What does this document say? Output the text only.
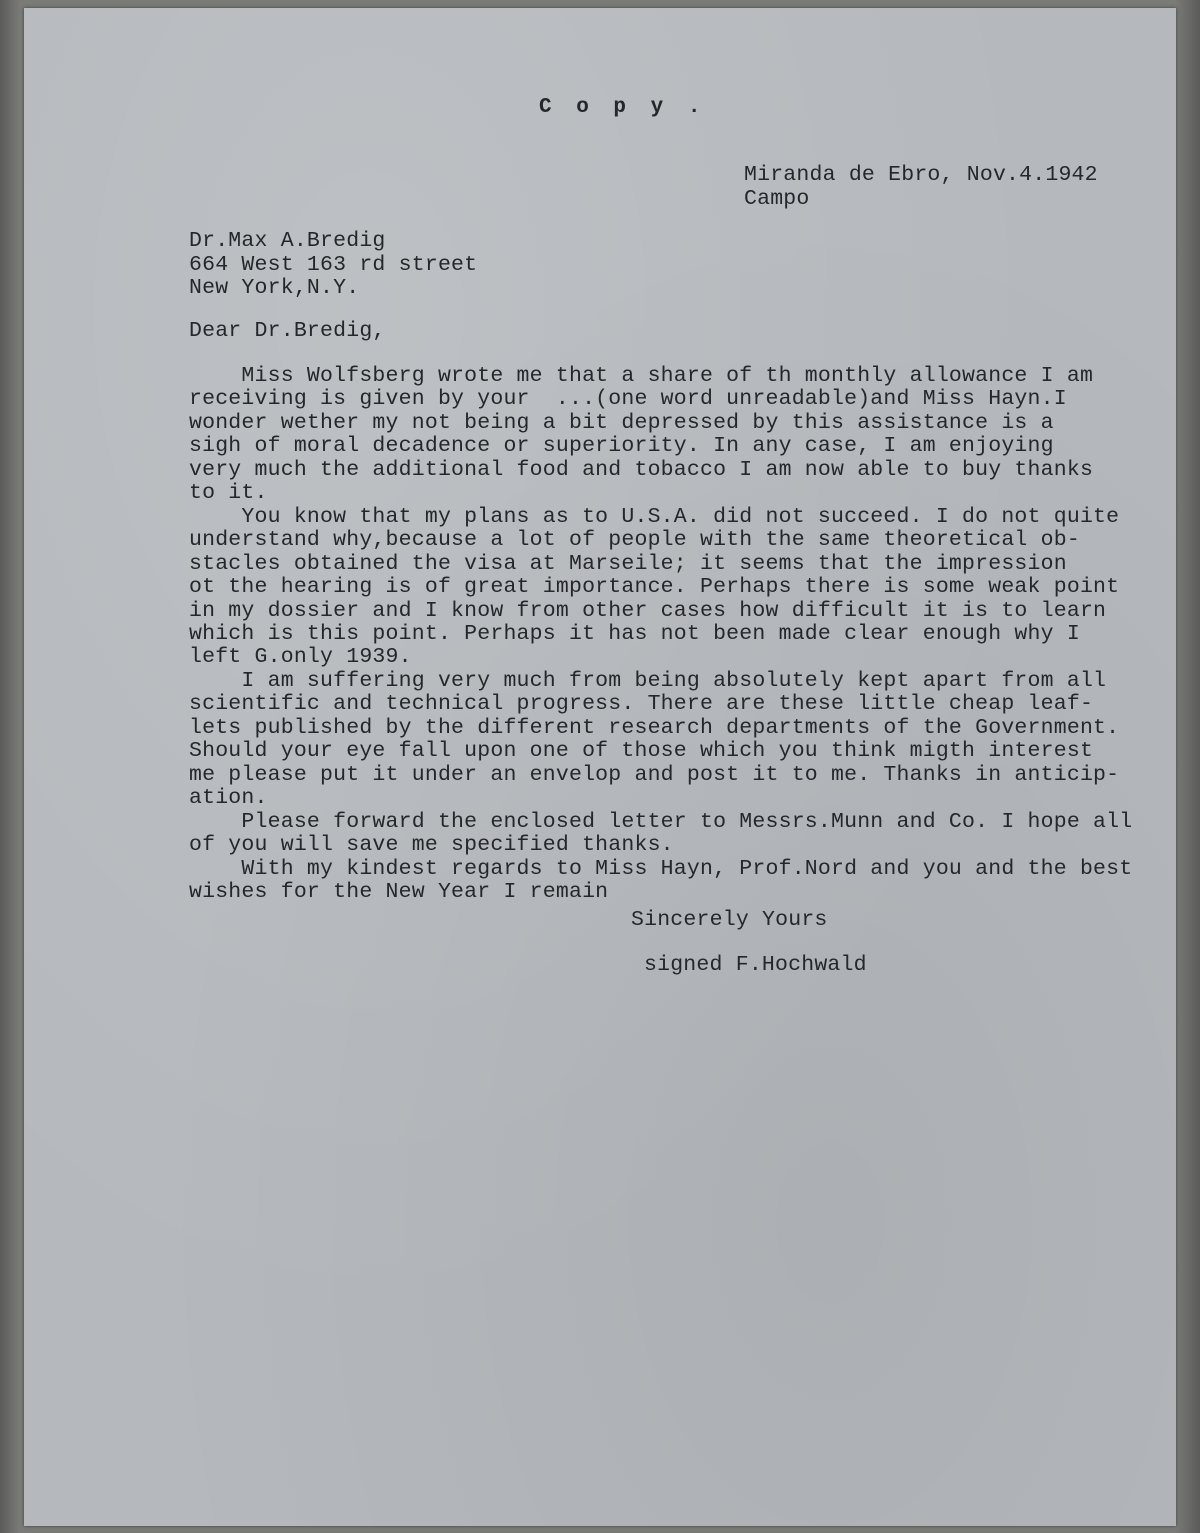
C o p y .
Miranda de Ebro, Nov.4.1942
Campo
Dr.Max A.Bredig
664 West 163 rd street
New York,N.Y.
Dear Dr.Bredig,
Miss Wolfsberg wrote me that a share of th monthly allowance I am
receiving is given by your  ...(one word unreadable)and Miss Hayn.I
wonder wether my not being a bit depressed by this assistance is a
sigh of moral decadence or superiority. In any case, I am enjoying
very much the additional food and tobacco I am now able to buy thanks
to it.
You know that my plans as to U.S.A. did not succeed. I do not quite
understand why,because a lot of people with the same theoretical ob-
stacles obtained the visa at Marseile; it seems that the impression
ot the hearing is of great importance. Perhaps there is some weak point
in my dossier and I know from other cases how difficult it is to learn
which is this point. Perhaps it has not been made clear enough why I
left G.only 1939.
I am suffering very much from being absolutely kept apart from all
scientific and technical progress. There are these little cheap leaf-
lets published by the different research departments of the Government.
Should your eye fall upon one of those which you think migth interest
me please put it under an envelop and post it to me. Thanks in anticip-
ation.
Please forward the enclosed letter to Messrs.Munn and Co. I hope all
of you will save me specified thanks.
With my kindest regards to Miss Hayn, Prof.Nord and you and the best
wishes for the New Year I remain
Sincerely Yours
signed F.Hochwald
